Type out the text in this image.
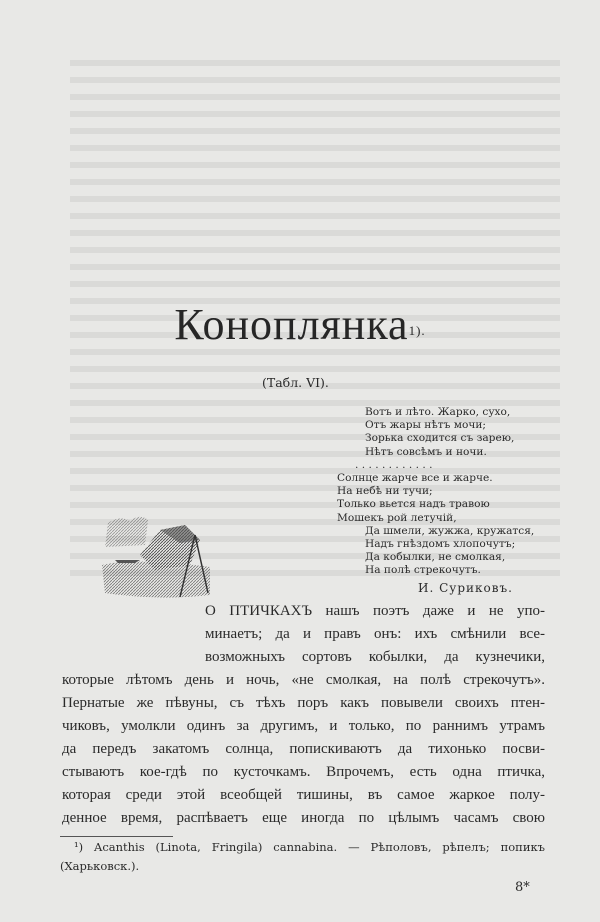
Коноплянка$^{1).}$
(Табл. VI).
Вотъ и лѣто. Жарко, сухо,
Отъ жары нѣтъ мочи;
Зорька сходится съ зарею,
Нѣтъ совсѣмъ и ночи.
. . . . . . . . . . . .
Солнце жарче все и жарче.
На небѣ ни тучи;
Только вьется надъ травою
Мошекъ рой летучій,
Да шмели, жужжа, кружатся,
Надъ гнѣздомъ хлопочутъ;
Да кобылки, не смолкая,
На полѣ стрекочутъ.
И. Суриковъ.
О ПТИЧКАХЪ нашъ поэтъ даже и не упо-
минаетъ; да и правъ онъ: ихъ смѣнили все-
возможныхъ сортовъ кобылки, да кузнечики,
которые лѣтомъ день и ночь, «не смолкая, на полѣ стрекочутъ».
Пернатые же пѣвуны, съ тѣхъ поръ какъ повывели своихъ птен-
чиковъ, умолкли одинъ за другимъ, и только, по раннимъ утрамъ
да передъ закатомъ солнца, попискиваютъ да тихонько посви-
стываютъ кое-гдѣ по кусточкамъ. Впрочемъ, есть одна птичка,
которая среди этой всеобщей тишины, въ самое жаркое полу-
денное время, распѣваетъ еще иногда по цѣлымъ часамъ свою
¹) Acanthis (Linota, Fringila) cannabina. — Рѣполовъ, рѣпелъ; попикъ
(Харьковск.).
8*
